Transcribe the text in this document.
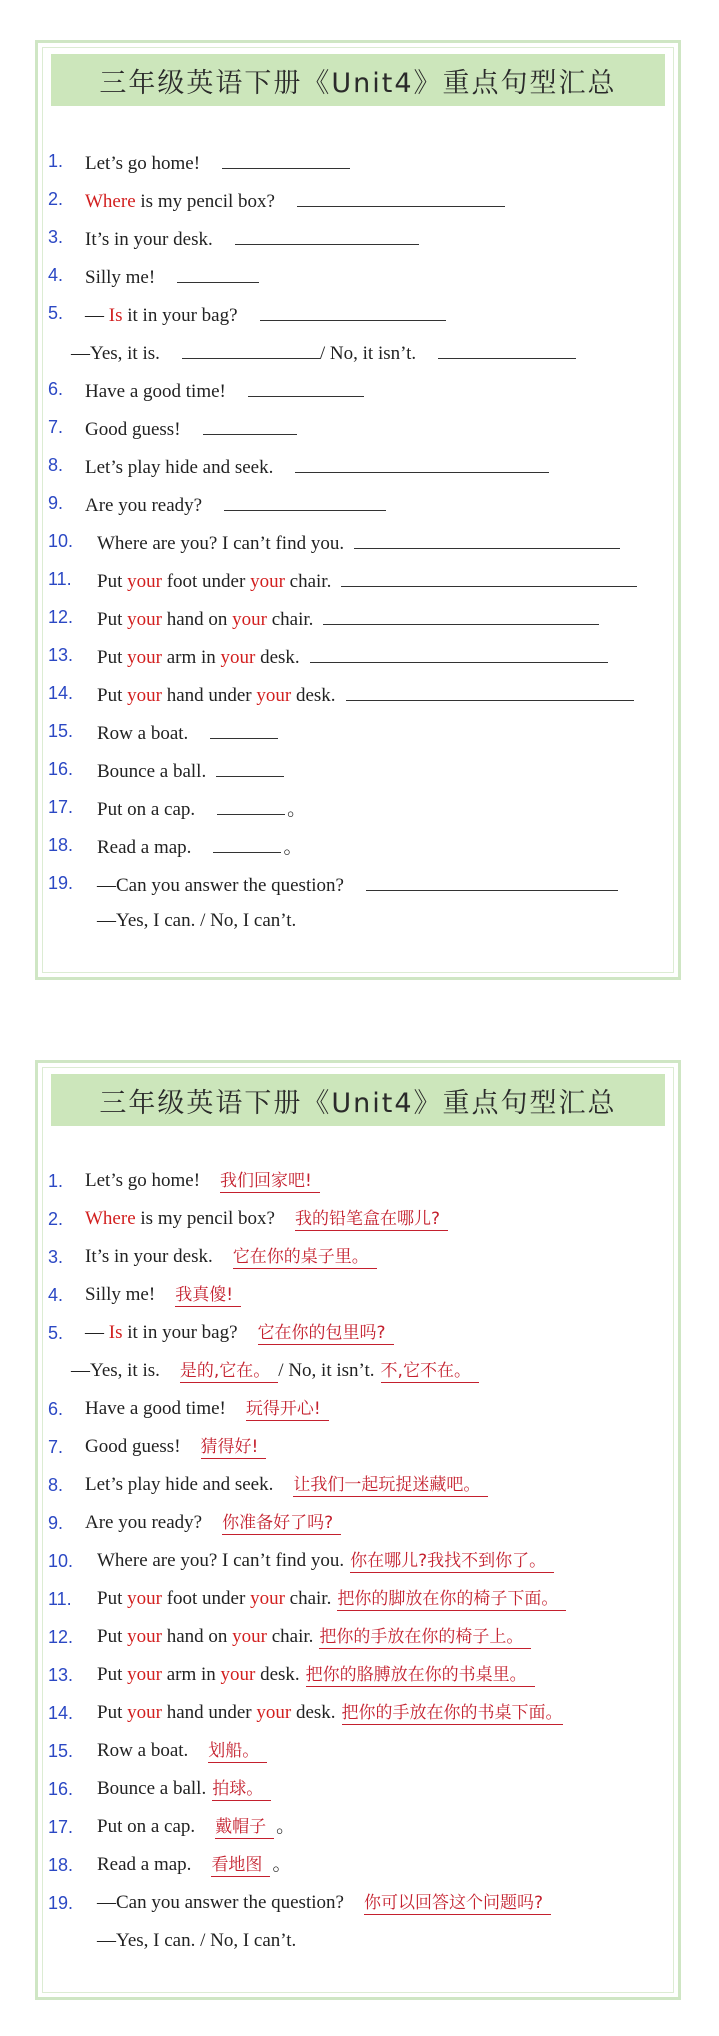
三年级英语下册《Unit4》重点句型汇总
1. Let’s go home!
2. Where is my pencil box?
3. It’s in your desk.
4. Silly me!
5. — Is it in your bag?
—Yes, it is.	/ No, it isn’t.
6. Have a good time!
7. Good guess!
8. Let’s play hide and seek.
9. Are you ready?
10. Where are you? I can’t find you.
11. Put your foot under your chair.
12. Put your hand on your chair.
13. Put your arm in your desk.
14. Put your hand under your desk.
15. Row a boat.
16. Bounce a ball.
17. Put on a cap.	。
18. Read a map.	。
19. —Can you answer the question?
—Yes, I can. / No, I can’t.
三年级英语下册《Unit4》重点句型汇总
1. Let’s go home! 我们回家吧!
2. Where is my pencil box? 我的铅笔盒在哪儿?
3. It’s in your desk. 它在你的桌子里。
4. Silly me! 我真傻!
5. — Is it in your bag? 它在你的包里吗?
—Yes, it is. 是的,它在。 / No, it isn’t. 不,它不在。
6. Have a good time! 玩得开心!
7. Good guess! 猜得好!
8. Let’s play hide and seek. 让我们一起玩捉迷藏吧。
9. Are you ready? 你准备好了吗?
10. Where are you? I can’t find you. 你在哪儿?我找不到你了。
11. Put your foot under your chair. 把你的脚放在你的椅子下面。
12. Put your hand on your chair. 把你的手放在你的椅子上。
13. Put your arm in your desk. 把你的胳膊放在你的书桌里。
14. Put your hand under your desk. 把你的手放在你的书桌下面。
15. Row a boat. 划船。
16. Bounce a ball. 拍球。
17. Put on a cap. 戴帽子 。
18. Read a map. 看地图 。
19. —Can you answer the question? 你可以回答这个问题吗?
—Yes, I can. / No, I can’t.
